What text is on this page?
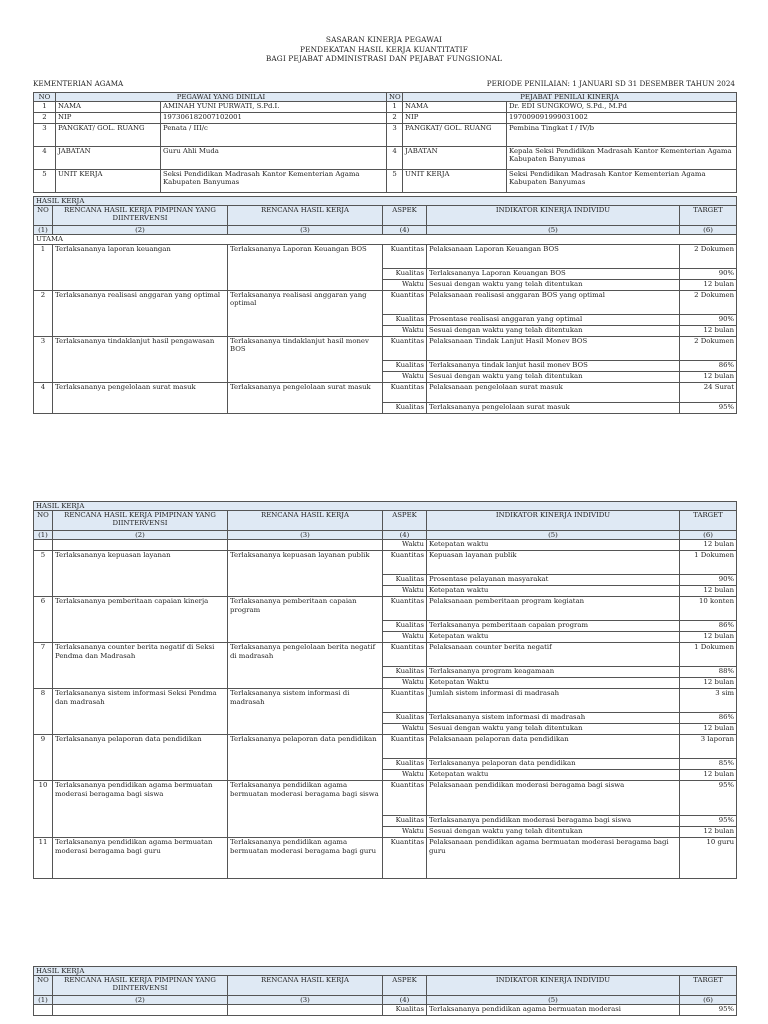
SASARAN KINERJA PEGAWAI
PENDEKATAN HASIL KERJA KUANTITATIF
BAGI PEJABAT ADMINISTRASI DAN PEJABAT FUNGSIONAL
KEMENTERIAN AGAMA	PERIODE PENILAIAN: 1 JANUARI SD 31 DESEMBER TAHUN 2024
NO	PEGAWAI YANG DINILAI		NO	PEJABAT PENILAI KINERJA	
1	NAMA	AMINAH YUNI PURWATI, S.Pd.I.	1	NAMA	Dr. EDI SUNGKOWO, S.Pd., M.Pd
2	NIP	197306182007102001	2	NIP	197009091999031002
3	PANGKAT/ GOL. RUANG	Penata / III/c	3	PANGKAT/ GOL. RUANG	Pembina Tingkat I / IV/b
4	JABATAN	Guru Ahli Muda	4	JABATAN	Kepala Seksi Pendidikan Madrasah Kantor Kementerian Agama Kabupaten Banyumas
5	UNIT KERJA	Seksi Pendidikan Madrasah Kantor Kementerian Agama Kabupaten Banyumas	5	UNIT KERJA	Seksi Pendidikan Madrasah Kantor Kementerian Agama Kabupaten Banyumas
HASIL KERJA					
NO	RENCANA HASIL KERJA PIMPINAN YANG DIINTERVENSI	RENCANA HASIL KERJA	ASPEK	INDIKATOR KINERJA INDIVIDU	TARGET
(1)	(2)	(3)	(4)	(5)	(6)
UTAMA					
1	Terlaksananya laporan keuangan	Terlaksananya Laporan Keuangan BOS	Kuantitas	Pelaksanaan Laporan Keuangan BOS	2 Dokumen
			Kualitas	Terlaksananya Laporan Keuangan BOS	90%
			Waktu	Sesuai dengan waktu yang telah ditentukan	12 bulan
2	Terlaksananya realisasi anggaran yang optimal	Terlaksananya realisasi anggaran yang optimal	Kuantitas	Pelaksanaan realisasi anggaran BOS yang optimal	2 Dokumen
			Kualitas	Prosentase realisasi anggaran yang optimal	90%
			Waktu	Sesuai dengan waktu yang telah ditentukan	12 bulan
3	Terlaksananya tindaklanjut hasil pengawasan	Terlaksananya tindaklanjut hasil monev BOS	Kuantitas	Pelaksanaan Tindak Lanjut Hasil Monev BOS	2 Dokumen
			Kualitas	Terlaksananya tindak lanjut hasil monev BOS	86%
			Waktu	Sesuai dengan waktu yang telah ditentukan	12 bulan
4	Terlaksananya pengelolaan surat masuk	Terlaksananya pengelolaan surat masuk	Kuantitas	Pelaksanaan pengelolaan surat masuk	24 Surat
			Kualitas	Terlaksananya pengelolaan surat masuk	95%
HASIL KERJA					
NO	RENCANA HASIL KERJA PIMPINAN YANG DIINTERVENSI	RENCANA HASIL KERJA	ASPEK	INDIKATOR KINERJA INDIVIDU	TARGET
(1)	(2)	(3)	(4)	(5)	(6)
			Waktu	Ketepatan waktu	12 bulan
5	Terlaksananya kepuasan layanan	Terlaksananya kepuasan layanan publik	Kuantitas	Kepuasan layanan publik	1 Dokumen
			Kualitas	Prosentase pelayanan masyarakat	90%
			Waktu	Ketepatan waktu	12 bulan
6	Terlaksananya pemberitaan capaian kinerja	Terlaksananya pemberitaan capaian program	Kuantitas	Pelaksanaan pemberitaan program kegiatan	10 konten
			Kualitas	Terlaksananya pemberitaan capaian program	86%
			Waktu	Ketepatan waktu	12 bulan
7	Terlaksananya counter berita negatif di Seksi Pendma dan Madrasah	Terlaksananya pengelolaan berita negatif di madrasah	Kuantitas	Pelaksanaan counter berita negatif	1 Dokumen
			Kualitas	Terlaksananya program keagamaan	88%
			Waktu	Ketepatan Waktu	12 bulan
8	Terlaksananya sistem informasi Seksi Pendma dan madrasah	Terlaksananya sistem informasi di madrasah	Kuantitas	Jumlah sistem informasi di madrasah	3 sim
			Kualitas	Terlaksananya sistem informasi di madrasah	86%
			Waktu	Sesuai dengan waktu yang telah ditentukan	12 bulan
9	Terlaksananya pelaporan data pendidikan	Terlaksananya pelaporan data pendidikan	Kuantitas	Pelaksanaan pelaporan data pendidikan	3 laporan
			Kualitas	Terlaksananya pelaporan data pendidikan	85%
			Waktu	Ketepatan waktu	12 bulan
10	Terlaksananya pendidikan agama bermuatan moderasi beragama bagi siswa	Terlaksananya pendidikan agama bermuatan moderasi beragama bagi siswa	Kuantitas	Pelaksanaan pendidikan moderasi beragama bagi siswa	95%
			Kualitas	Terlaksananya pendidikan moderasi beragama bagi siswa	95%
			Waktu	Sesuai dengan waktu yang telah ditentukan	12 bulan
11	Terlaksananya pendidikan agama bermuatan moderasi beragama bagi guru	Terlaksananya pendidikan agama bermuatan moderasi beragama bagi guru	Kuantitas	Pelaksanaan pendidikan agama bermuatan moderasi beragama bagi guru	10 guru
HASIL KERJA					
NO	RENCANA HASIL KERJA PIMPINAN YANG DIINTERVENSI	RENCANA HASIL KERJA	ASPEK	INDIKATOR KINERJA INDIVIDU	TARGET
(1)	(2)	(3)	(4)	(5)	(6)
			Kualitas	Terlaksananya pendidikan agama bermuatan moderasi	95%
